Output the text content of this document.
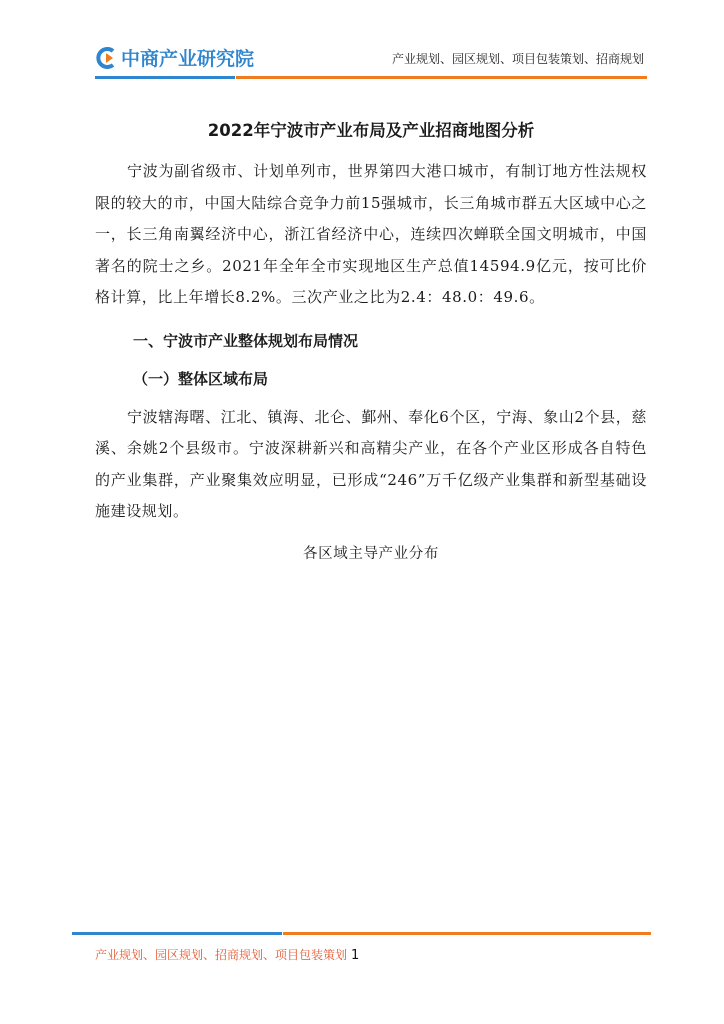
中商产业研究院	产业规划、园区规划、项目包装策划、招商规划
2022年宁波市产业布局及产业招商地图分析

宁波为副省级市、计划单列市，世界第四大港口城市，有制订地方性法规权限的较大的市，中国大陆综合竞争力前15强城市，长三角城市群五大区域中心之一，长三角南翼经济中心，浙江省经济中心，连续四次蝉联全国文明城市，中国著名的院士之乡。2021年全年全市实现地区生产总值14594.9亿元，按可比价格计算，比上年增长8.2%。三次产业之比为2.4：48.0：49.6。

一、宁波市产业整体规划布局情况
（一）整体区域布局

宁波辖海曙、江北、镇海、北仑、鄞州、奉化6个区，宁海、象山2个县，慈溪、余姚2个县级市。宁波深耕新兴和高精尖产业，在各个产业区形成各自特色的产业集群，产业聚集效应明显，已形成“246”万千亿级产业集群和新型基础设施建设规划。

各区域主导产业分布

产业规划、园区规划、招商规划、项目包装策划 1
